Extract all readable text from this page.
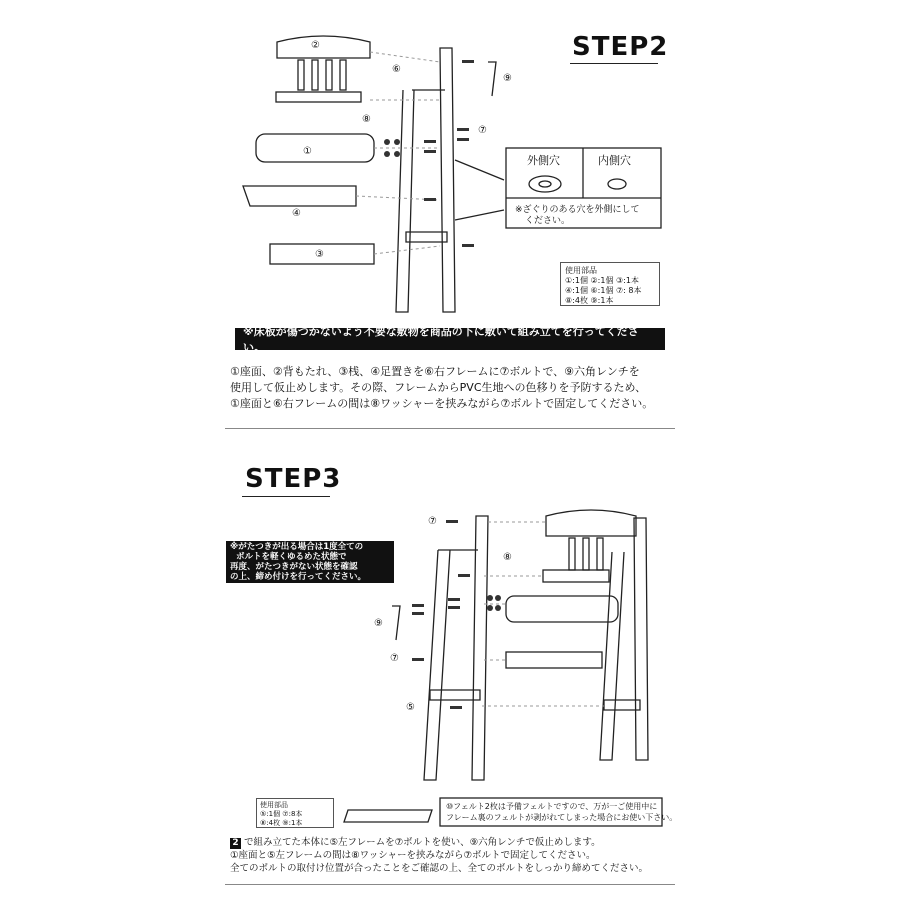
STEP2
②
⑥
⑨
⑧
⑦
①
④
③
外側穴	内側穴
※ざぐりのある穴を外側にして
ください。
使用部品
①:1個 ②:1個 ③:1本
④:1個 ⑥:1個 ⑦: 8本
⑧:4枚 ⑨:1本
※床板が傷つかないよう不要な敷物を商品の下に敷いて組み立てを行ってください。
①座面、②背もたれ、③桟、④足置きを⑥右フレームに⑦ボルトで、⑨六角レンチを
使用して仮止めします。その際、フレームからPVC生地への色移りを予防するため、
①座面と⑥右フレームの間は⑧ワッシャーを挟みながら⑦ボルトで固定してください。
STEP3
※がたつきが出る場合は1度全ての
ボルトを軽くゆるめた状態で
再度、がたつきがない状態を確認
の上、締め付けを行ってください。
⑦
⑧
⑨
⑦
⑤
使用部品
⑤:1個 ⑦:8本
⑧:4枚 ⑨:1本
⑩フェルト2枚は予備フェルトですので、万が一ご使用中に
フレーム裏のフェルトが剥がれてしまった場合にお使い下さい。
2 で組み立てた本体に⑤左フレームを⑦ボルトを使い、⑨六角レンチで仮止めします。
①座面と⑤左フレームの間は⑧ワッシャーを挟みながら⑦ボルトで固定してください。
全てのボルトの取付け位置が合ったことをご確認の上、全てのボルトをしっかり締めてください。
